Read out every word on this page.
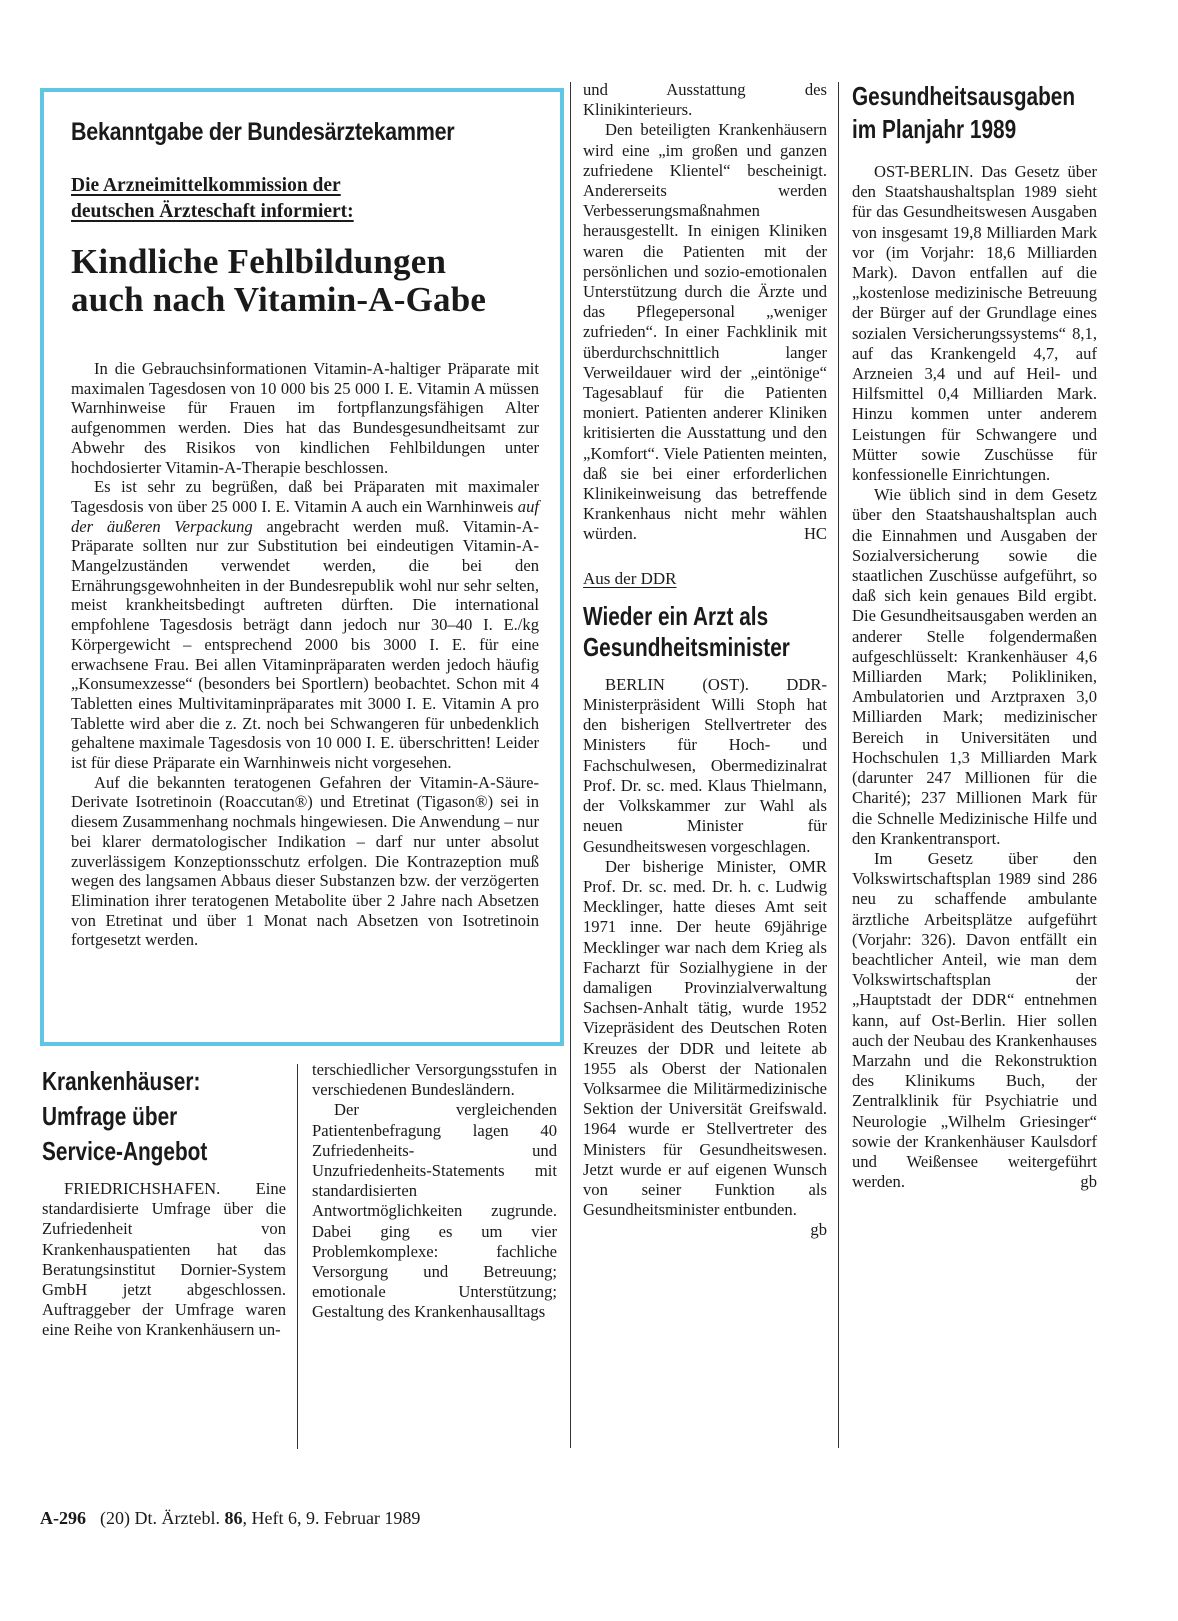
Bekanntgabe der Bundesärztekammer
Die Arzneimittelkommission der
deutschen Ärzteschaft informiert:
Kindliche Fehlbildungen
auch nach Vitamin-A-Gabe

In die Gebrauchsinformationen Vitamin-A-haltiger Präparate mit maximalen Tagesdosen von 10 000 bis 25 000 I. E. Vitamin A müssen Warnhinweise für Frauen im fortpflanzungsfähigen Alter aufgenommen werden. Dies hat das Bundesgesundheitsamt zur Abwehr des Risikos von kindlichen Fehlbildungen unter hochdosierter Vitamin-A-Therapie beschlossen.

Es ist sehr zu begrüßen, daß bei Präparaten mit maximaler Tagesdosis von über 25 000 I. E. Vitamin A auch ein Warnhinweis auf der äußeren Verpackung angebracht werden muß. Vitamin-A-Präparate sollten nur zur Substitution bei eindeutigen Vitamin-A-Mangelzuständen verwendet werden, die bei den Ernährungsgewohnheiten in der Bundesrepublik wohl nur sehr selten, meist krankheitsbedingt auftreten dürften. Die international empfohlene Tagesdosis beträgt dann jedoch nur 30–40 I. E./kg Körpergewicht – entsprechend 2000 bis 3000 I. E. für eine erwachsene Frau. Bei allen Vitaminpräparaten werden jedoch häufig „Konsumexzesse“ (besonders bei Sportlern) beobachtet. Schon mit 4 Tabletten eines Multivitaminpräparates mit 3000 I. E. Vitamin A pro Tablette wird aber die z. Zt. noch bei Schwangeren für unbedenklich gehaltene maximale Tagesdosis von 10 000 I. E. überschritten! Leider ist für diese Präparate ein Warnhinweis nicht vorgesehen.

Auf die bekannten teratogenen Gefahren der Vitamin-A-Säure-Derivate Isotretinoin (Roaccutan®) und Etretinat (Tigason®) sei in diesem Zusammenhang nochmals hingewiesen. Die Anwendung – nur bei klarer dermatologischer Indikation – darf nur unter absolut zuverlässigem Konzeptionsschutz erfolgen. Die Kontrazeption muß wegen des langsamen Abbaus dieser Substanzen bzw. der verzögerten Elimination ihrer teratogenen Metabolite über 2 Jahre nach Absetzen von Etretinat und über 1 Monat nach Absetzen von Isotretinoin fortgesetzt werden.

Krankenhäuser:
Umfrage über
Service-Angebot

FRIEDRICHSHAFEN. Eine standardisierte Umfrage über die Zufriedenheit von Krankenhauspatienten hat das Beratungsinstitut Dornier-System GmbH jetzt abgeschlossen. Auftraggeber der Umfrage waren eine Reihe von Krankenhäusern un-

terschiedlicher Versorgungsstufen in verschiedenen Bundesländern.

Der vergleichenden Patientenbefragung lagen 40 Zufriedenheits- und Unzufriedenheits-Statements mit standardisierten Antwortmöglichkeiten zugrunde. Dabei ging es um vier Problemkomplexe: fachliche Versorgung und Betreuung; emotionale Unterstützung; Gestaltung des Krankenhausalltags

und Ausstattung des Klinikinterieurs.

Den beteiligten Krankenhäusern wird eine „im großen und ganzen zufriedene Klientel“ bescheinigt. Andererseits werden Verbesserungsmaßnahmen herausgestellt. In einigen Kliniken waren die Patienten mit der persönlichen und sozio-emotionalen Unterstützung durch die Ärzte und das Pflegepersonal „weniger zufrieden“. In einer Fachklinik mit überdurchschnittlich langer Verweildauer wird der „eintönige“ Tagesablauf für die Patienten moniert. Patienten anderer Kliniken kritisierten die Ausstattung und den „Komfort“. Viele Patienten meinten, daß sie bei einer erforderlichen Klinikeinweisung das betreffende Krankenhaus nicht mehr wählen würden.	HC

Aus der DDR
Wieder ein Arzt als
Gesundheitsminister

BERLIN (OST). DDR-Ministerpräsident Willi Stoph hat den bisherigen Stellvertreter des Ministers für Hoch- und Fachschulwesen, Obermedizinalrat Prof. Dr. sc. med. Klaus Thielmann, der Volkskammer zur Wahl als neuen Minister für Gesundheitswesen vorgeschlagen.

Der bisherige Minister, OMR Prof. Dr. sc. med. Dr. h. c. Ludwig Mecklinger, hatte dieses Amt seit 1971 inne. Der heute 69jährige Mecklinger war nach dem Krieg als Facharzt für Sozialhygiene in der damaligen Provinzialverwaltung Sachsen-Anhalt tätig, wurde 1952 Vizepräsident des Deutschen Roten Kreuzes der DDR und leitete ab 1955 als Oberst der Nationalen Volksarmee die Militärmedizinische Sektion der Universität Greifswald. 1964 wurde er Stellvertreter des Ministers für Gesundheitswesen. Jetzt wurde er auf eigenen Wunsch von seiner Funktion als Gesundheitsminister entbunden.
gb

Gesundheitsausgaben
im Planjahr 1989

OST-BERLIN. Das Gesetz über den Staatshaushaltsplan 1989 sieht für das Gesundheitswesen Ausgaben von insgesamt 19,8 Milliarden Mark vor (im Vorjahr: 18,6 Milliarden Mark). Davon entfallen auf die „kostenlose medizinische Betreuung der Bürger auf der Grundlage eines sozialen Versicherungssystems“ 8,1, auf das Krankengeld 4,7, auf Arzneien 3,4 und auf Heil- und Hilfsmittel 0,4 Milliarden Mark. Hinzu kommen unter anderem Leistungen für Schwangere und Mütter sowie Zuschüsse für konfessionelle Einrichtungen.

Wie üblich sind in dem Gesetz über den Staatshaushaltsplan auch die Einnahmen und Ausgaben der Sozialversicherung sowie die staatlichen Zuschüsse aufgeführt, so daß sich kein genaues Bild ergibt. Die Gesundheitsausgaben werden an anderer Stelle folgendermaßen aufgeschlüsselt: Krankenhäuser 4,6 Milliarden Mark; Polikliniken, Ambulatorien und Arztpraxen 3,0 Milliarden Mark; medizinischer Bereich in Universitäten und Hochschulen 1,3 Milliarden Mark (darunter 247 Millionen für die Charité); 237 Millionen Mark für die Schnelle Medizinische Hilfe und den Krankentransport.

Im Gesetz über den Volkswirtschaftsplan 1989 sind 286 neu zu schaffende ambulante ärztliche Arbeitsplätze aufgeführt (Vorjahr: 326). Davon entfällt ein beachtlicher Anteil, wie man dem Volkswirtschaftsplan der „Hauptstadt der DDR“ entnehmen kann, auf Ost-Berlin. Hier sollen auch der Neubau des Krankenhauses Marzahn und die Rekonstruktion des Klinikums Buch, der Zentralklinik für Psychiatrie und Neurologie „Wilhelm Griesinger“ sowie der Krankenhäuser Kaulsdorf und Weißensee weitergeführt werden.	gb

A-296 (20) Dt. Ärztebl. 86, Heft 6, 9. Februar 1989
